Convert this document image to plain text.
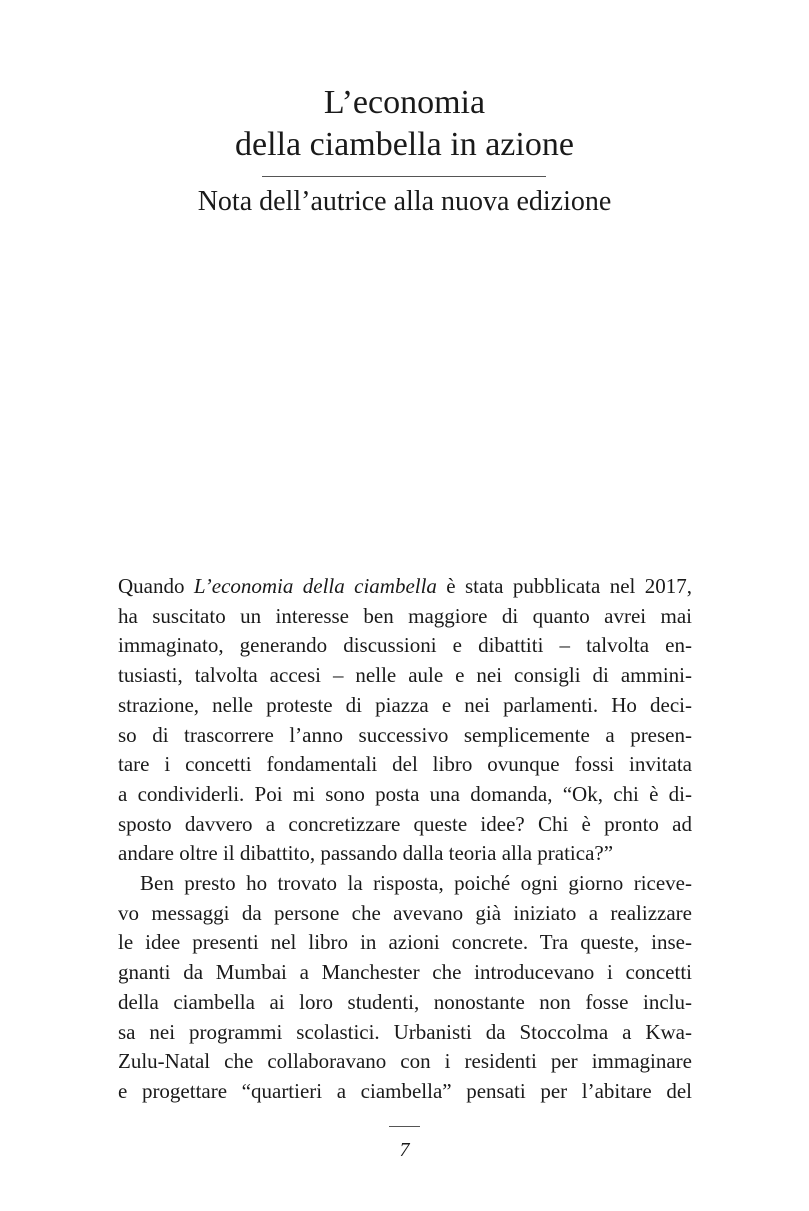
L’economia
della ciambella in azione
Nota dell’autrice alla nuova edizione
Quando L’economia della ciambella è stata pubblicata nel 2017,
ha suscitato un interesse ben maggiore di quanto avrei mai
immaginato, generando discussioni e dibattiti – talvolta en-
tusiasti, talvolta accesi – nelle aule e nei consigli di ammini-
strazione, nelle proteste di piazza e nei parlamenti. Ho deci-
so di trascorrere l’anno successivo semplicemente a presen-
tare i concetti fondamentali del libro ovunque fossi invitata
a condividerli. Poi mi sono posta una domanda, “Ok, chi è di-
sposto davvero a concretizzare queste idee? Chi è pronto ad
andare oltre il dibattito, passando dalla teoria alla pratica?”
Ben presto ho trovato la risposta, poiché ogni giorno riceve-
vo messaggi da persone che avevano già iniziato a realizzare
le idee presenti nel libro in azioni concrete. Tra queste, inse-
gnanti da Mumbai a Manchester che introducevano i concetti
della ciambella ai loro studenti, nonostante non fosse inclu-
sa nei programmi scolastici. Urbanisti da Stoccolma a Kwa-
Zulu-Natal che collaboravano con i residenti per immaginare
e progettare “quartieri a ciambella” pensati per l’abitare del
7
